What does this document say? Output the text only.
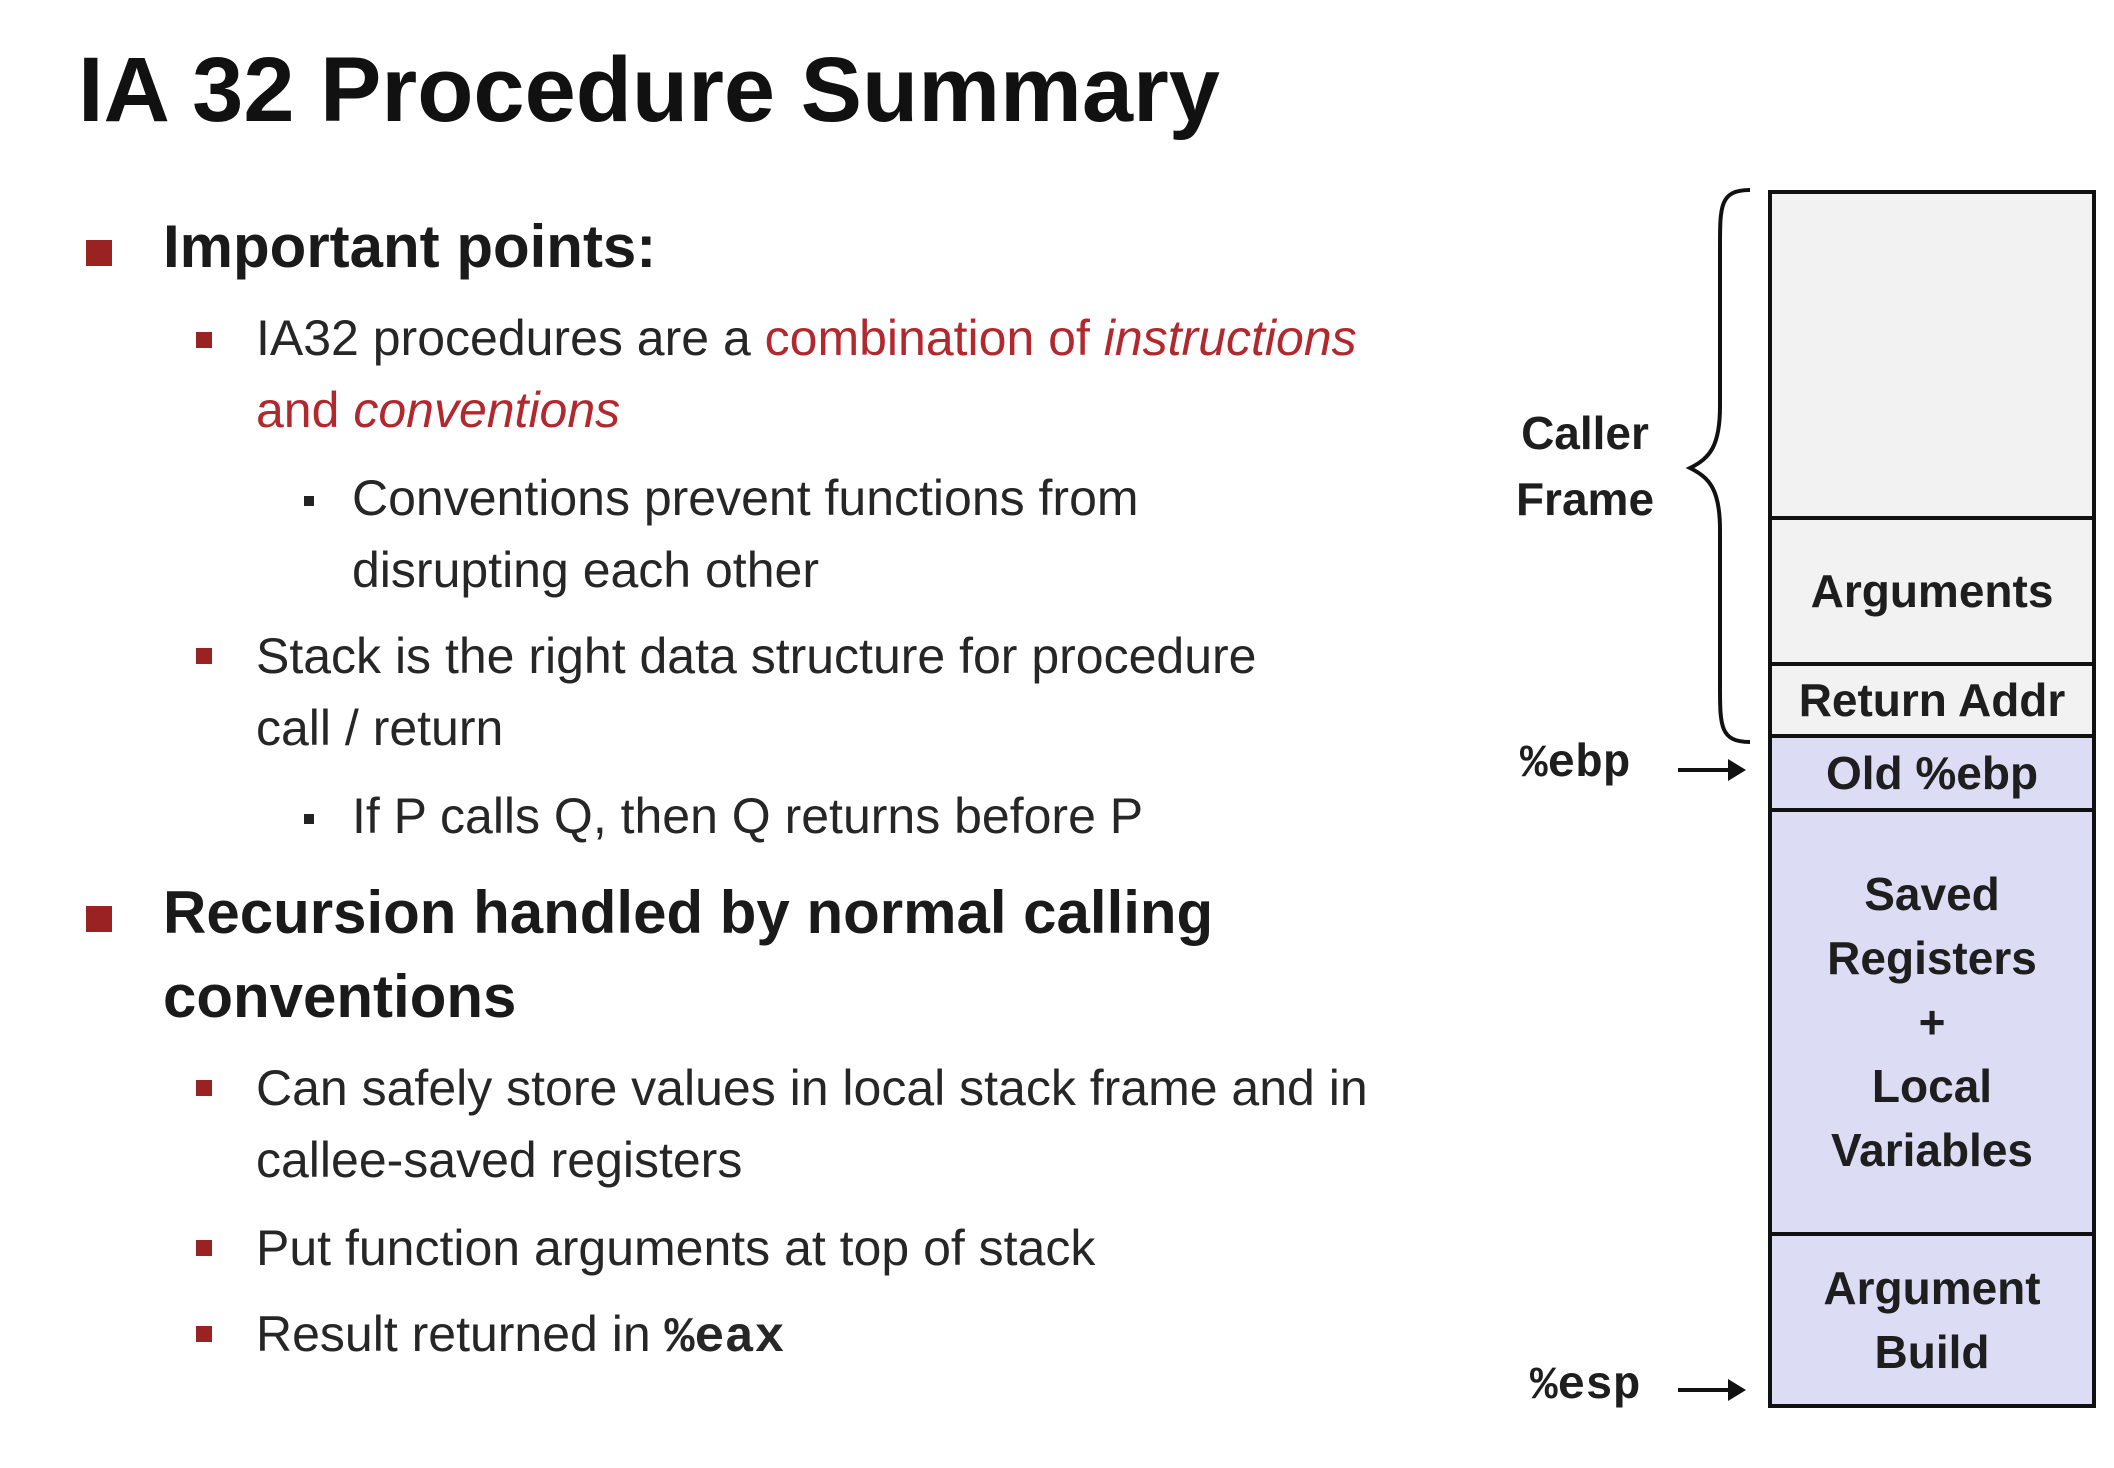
IA 32 Procedure Summary
Important points:
IA32 procedures are a combination of instructions
and conventions
Conventions prevent functions from
disrupting each other
Stack is the right data structure for procedure
call / return
If P calls Q, then Q returns before P
Recursion handled by normal calling
conventions
Can safely store values in local stack frame and in
callee-saved registers
Put function arguments at top of stack
Result returned in %eax
Caller
Frame
Arguments
Return Addr
Old %ebp
Saved
Registers
+
Local
Variables
Argument
Build
%ebp
%esp
